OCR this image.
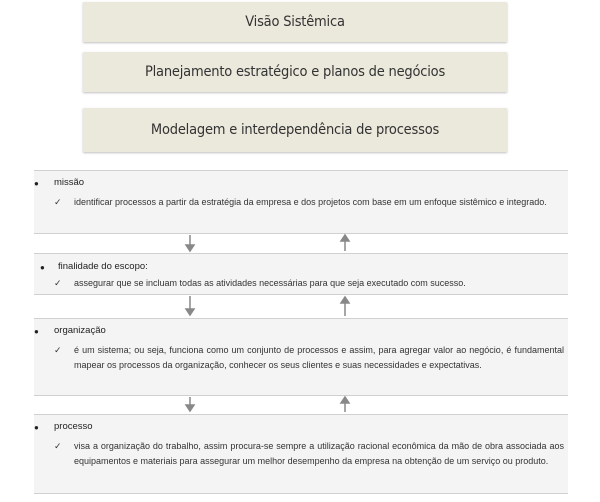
Visão Sistêmica
Planejamento estratégico e planos de negócios
Modelagem e interdependência de processos
● missão
✓	identificar processos a partir da estratégia da empresa e dos projetos com base em um enfoque sistêmico e integrado.
● finalidade do escopo:
✓	assegurar que se incluam todas as atividades necessárias para que seja executado com sucesso.
● organização
✓	é um sistema; ou seja, funciona como um conjunto de processos e assim, para agregar valor ao negócio, é fundamental mapear os processos da organização, conhecer os seus clientes e suas necessidades e expectativas.
● processo
✓	visa a organização do trabalho, assim procura-se sempre a utilização racional econômica da mão de obra associada aos equipamentos e materiais para assegurar um melhor desempenho da empresa na obtenção de um serviço ou produto.
